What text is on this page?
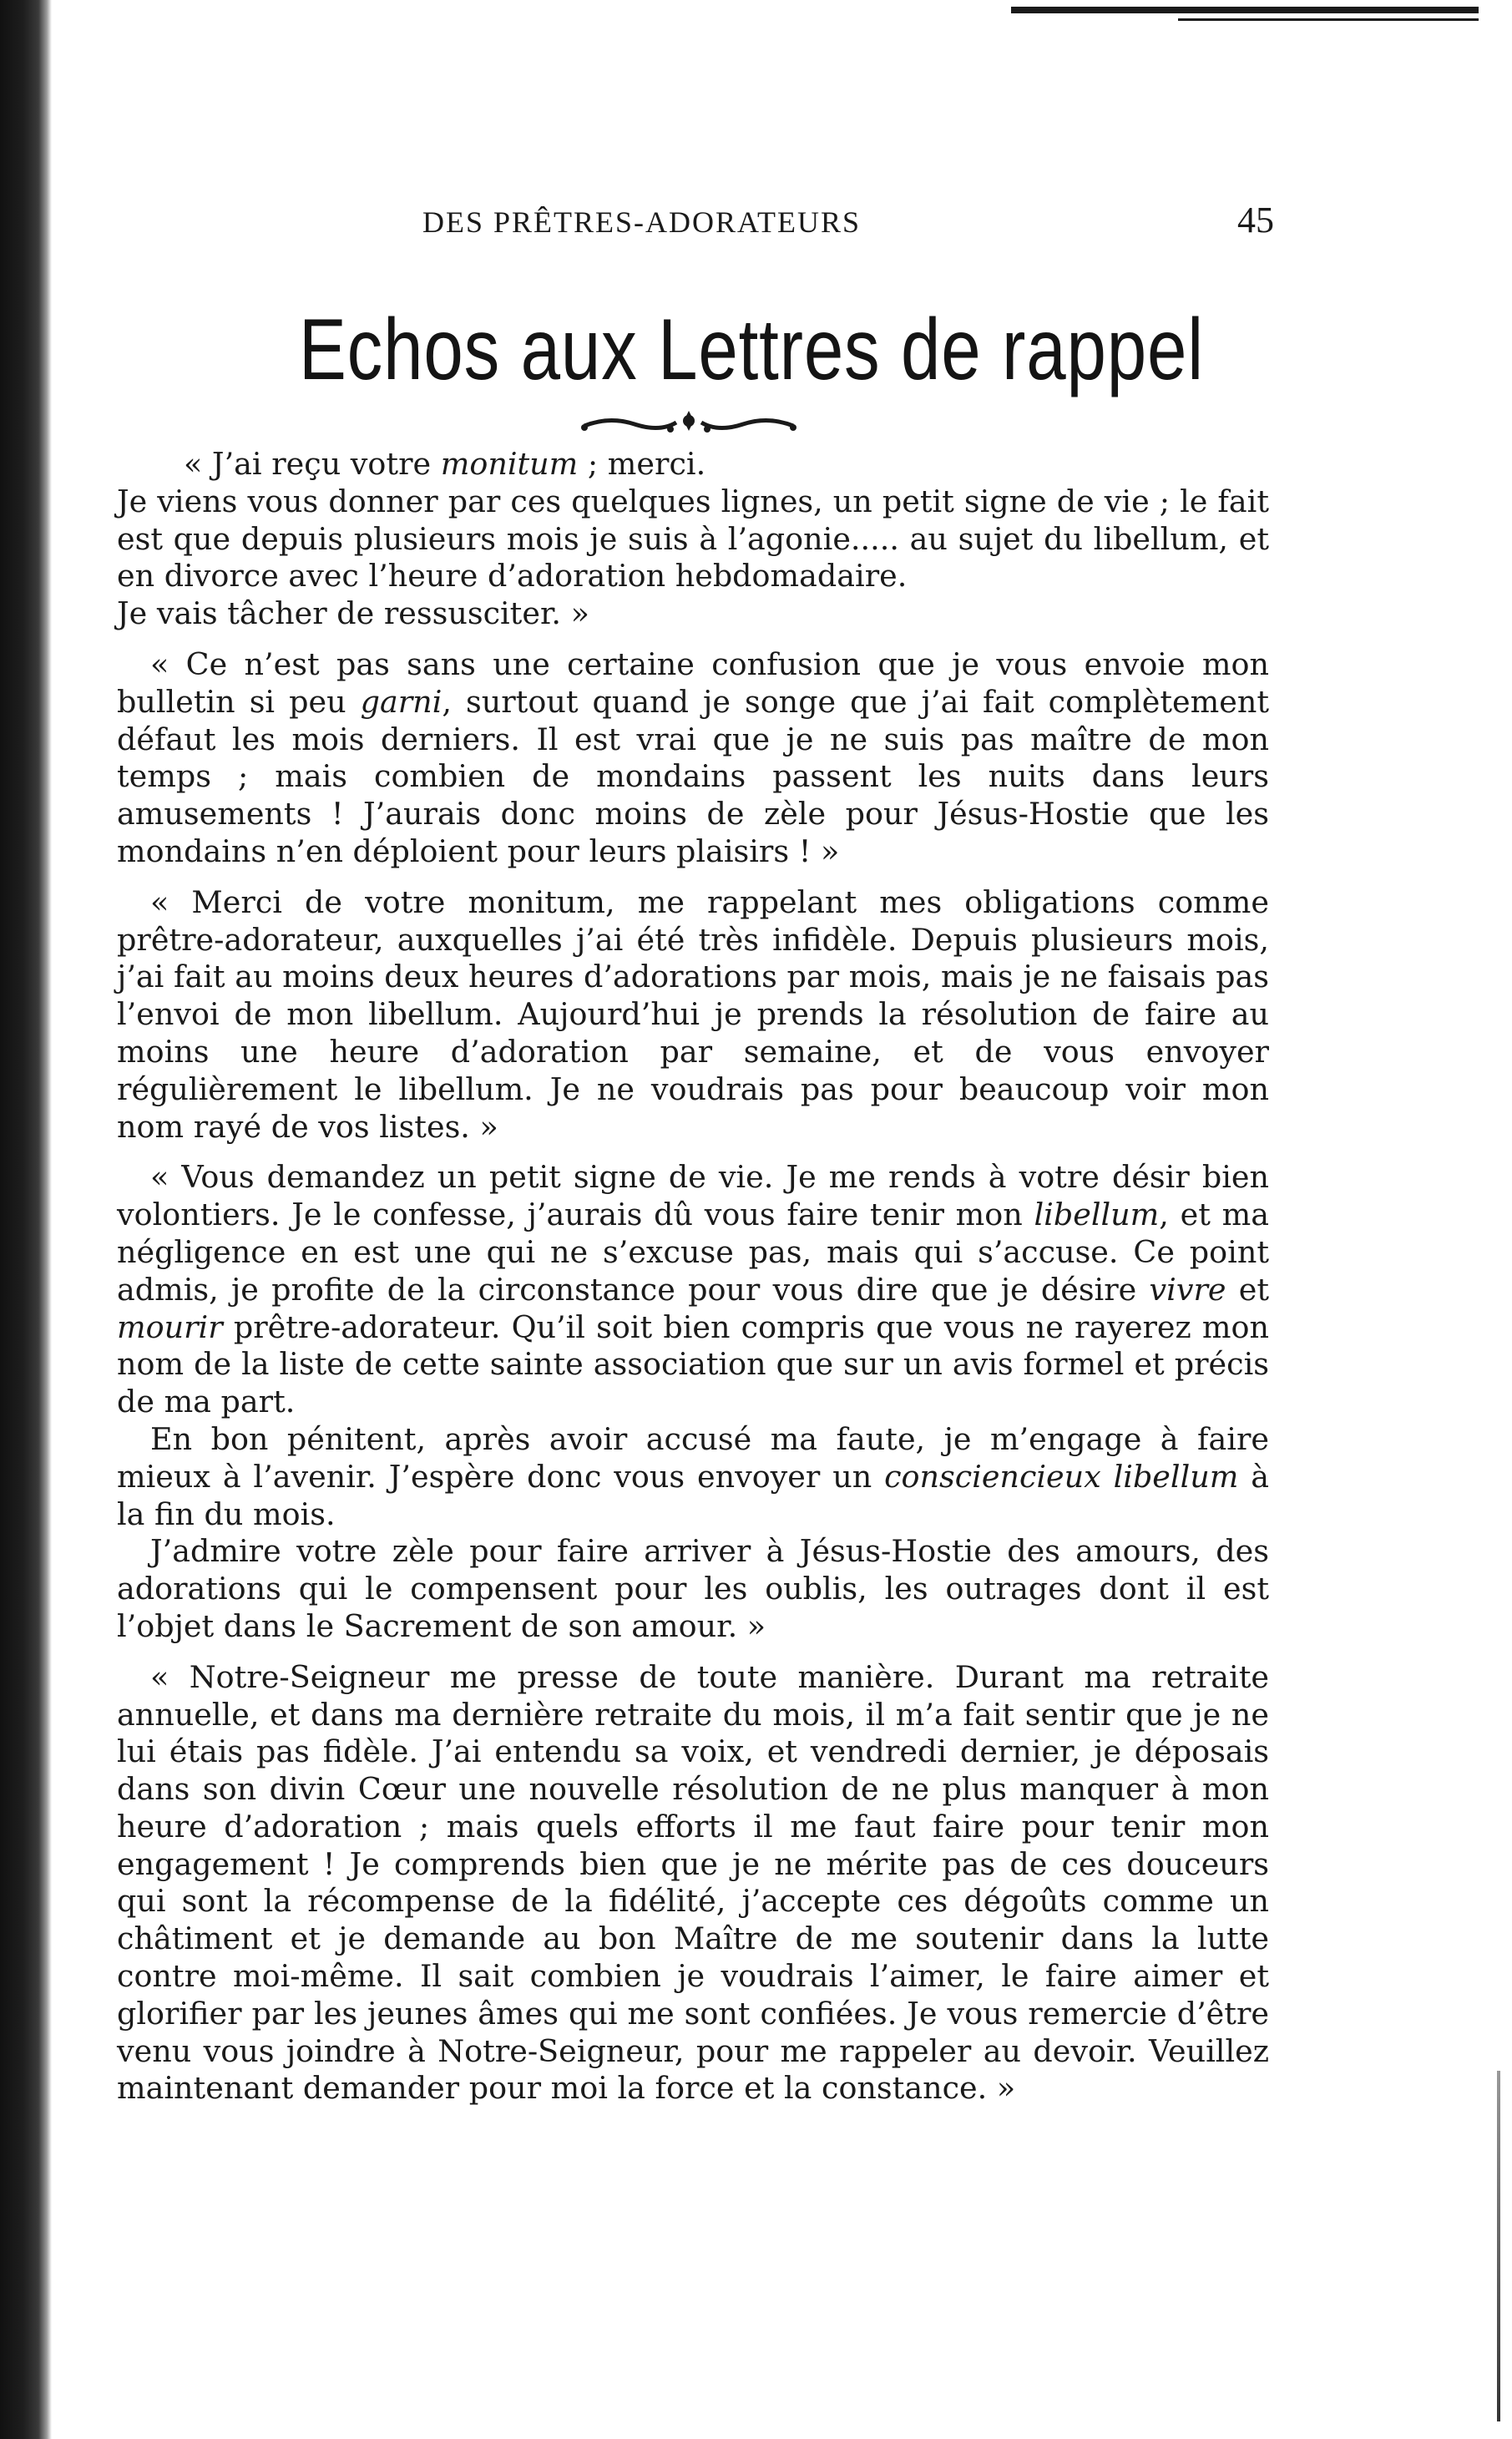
DES PRÊTRES-ADORATEURS	45
Echos aux Lettres de rappel

« J’ai reçu votre monitum ; merci.

Je viens vous donner par ces quelques lignes, un petit signe de vie ; le fait est que depuis plusieurs mois je suis à l’agonie..... au sujet du libellum, et en divorce avec l’heure d’adoration hebdomadaire.

Je vais tâcher de ressusciter. »

« Ce n’est pas sans une certaine confusion que je vous envoie mon bulletin si peu garni, surtout quand je songe que j’ai fait complètement défaut les mois derniers. Il est vrai que je ne suis pas maître de mon temps ; mais combien de mondains passent les nuits dans leurs amusements ! J’aurais donc moins de zèle pour Jésus-Hostie que les mondains n’en déploient pour leurs plaisirs ! »

« Merci de votre monitum, me rappelant mes obligations comme prêtre-adorateur, auxquelles j’ai été très infidèle. Depuis plusieurs mois, j’ai fait au moins deux heures d’adorations par mois, mais je ne faisais pas l’envoi de mon libellum. Aujourd’hui je prends la résolution de faire au moins une heure d’adoration par semaine, et de vous envoyer régulièrement le libellum. Je ne voudrais pas pour beaucoup voir mon nom rayé de vos listes. »

« Vous demandez un petit signe de vie. Je me rends à votre désir bien volontiers. Je le confesse, j’aurais dû vous faire tenir mon libellum, et ma négligence en est une qui ne s’excuse pas, mais qui s’accuse. Ce point admis, je profite de la circonstance pour vous dire que je désire vivre et mourir prêtre-adorateur. Qu’il soit bien compris que vous ne rayerez mon nom de la liste de cette sainte association que sur un avis formel et précis de ma part.

En bon pénitent, après avoir accusé ma faute, je m’engage à faire mieux à l’avenir. J’espère donc vous envoyer un consciencieux libellum à la fin du mois.

J’admire votre zèle pour faire arriver à Jésus-Hostie des amours, des adorations qui le compensent pour les oublis, les outrages dont il est l’objet dans le Sacrement de son amour. »

« Notre-Seigneur me presse de toute manière. Durant ma retraite annuelle, et dans ma dernière retraite du mois, il m’a fait sentir que je ne lui étais pas fidèle. J’ai entendu sa voix, et vendredi dernier, je déposais dans son divin Cœur une nouvelle résolution de ne plus manquer à mon heure d’adoration ; mais quels efforts il me faut faire pour tenir mon engagement ! Je comprends bien que je ne mérite pas de ces douceurs qui sont la récompense de la fidélité, j’accepte ces dégoûts comme un châtiment et je demande au bon Maître de me soutenir dans la lutte contre moi-même. Il sait combien je voudrais l’aimer, le faire aimer et glorifier par les jeunes âmes qui me sont confiées. Je vous remercie d’être venu vous joindre à Notre-Seigneur, pour me rappeler au devoir. Veuillez maintenant demander pour moi la force et la constance. »
